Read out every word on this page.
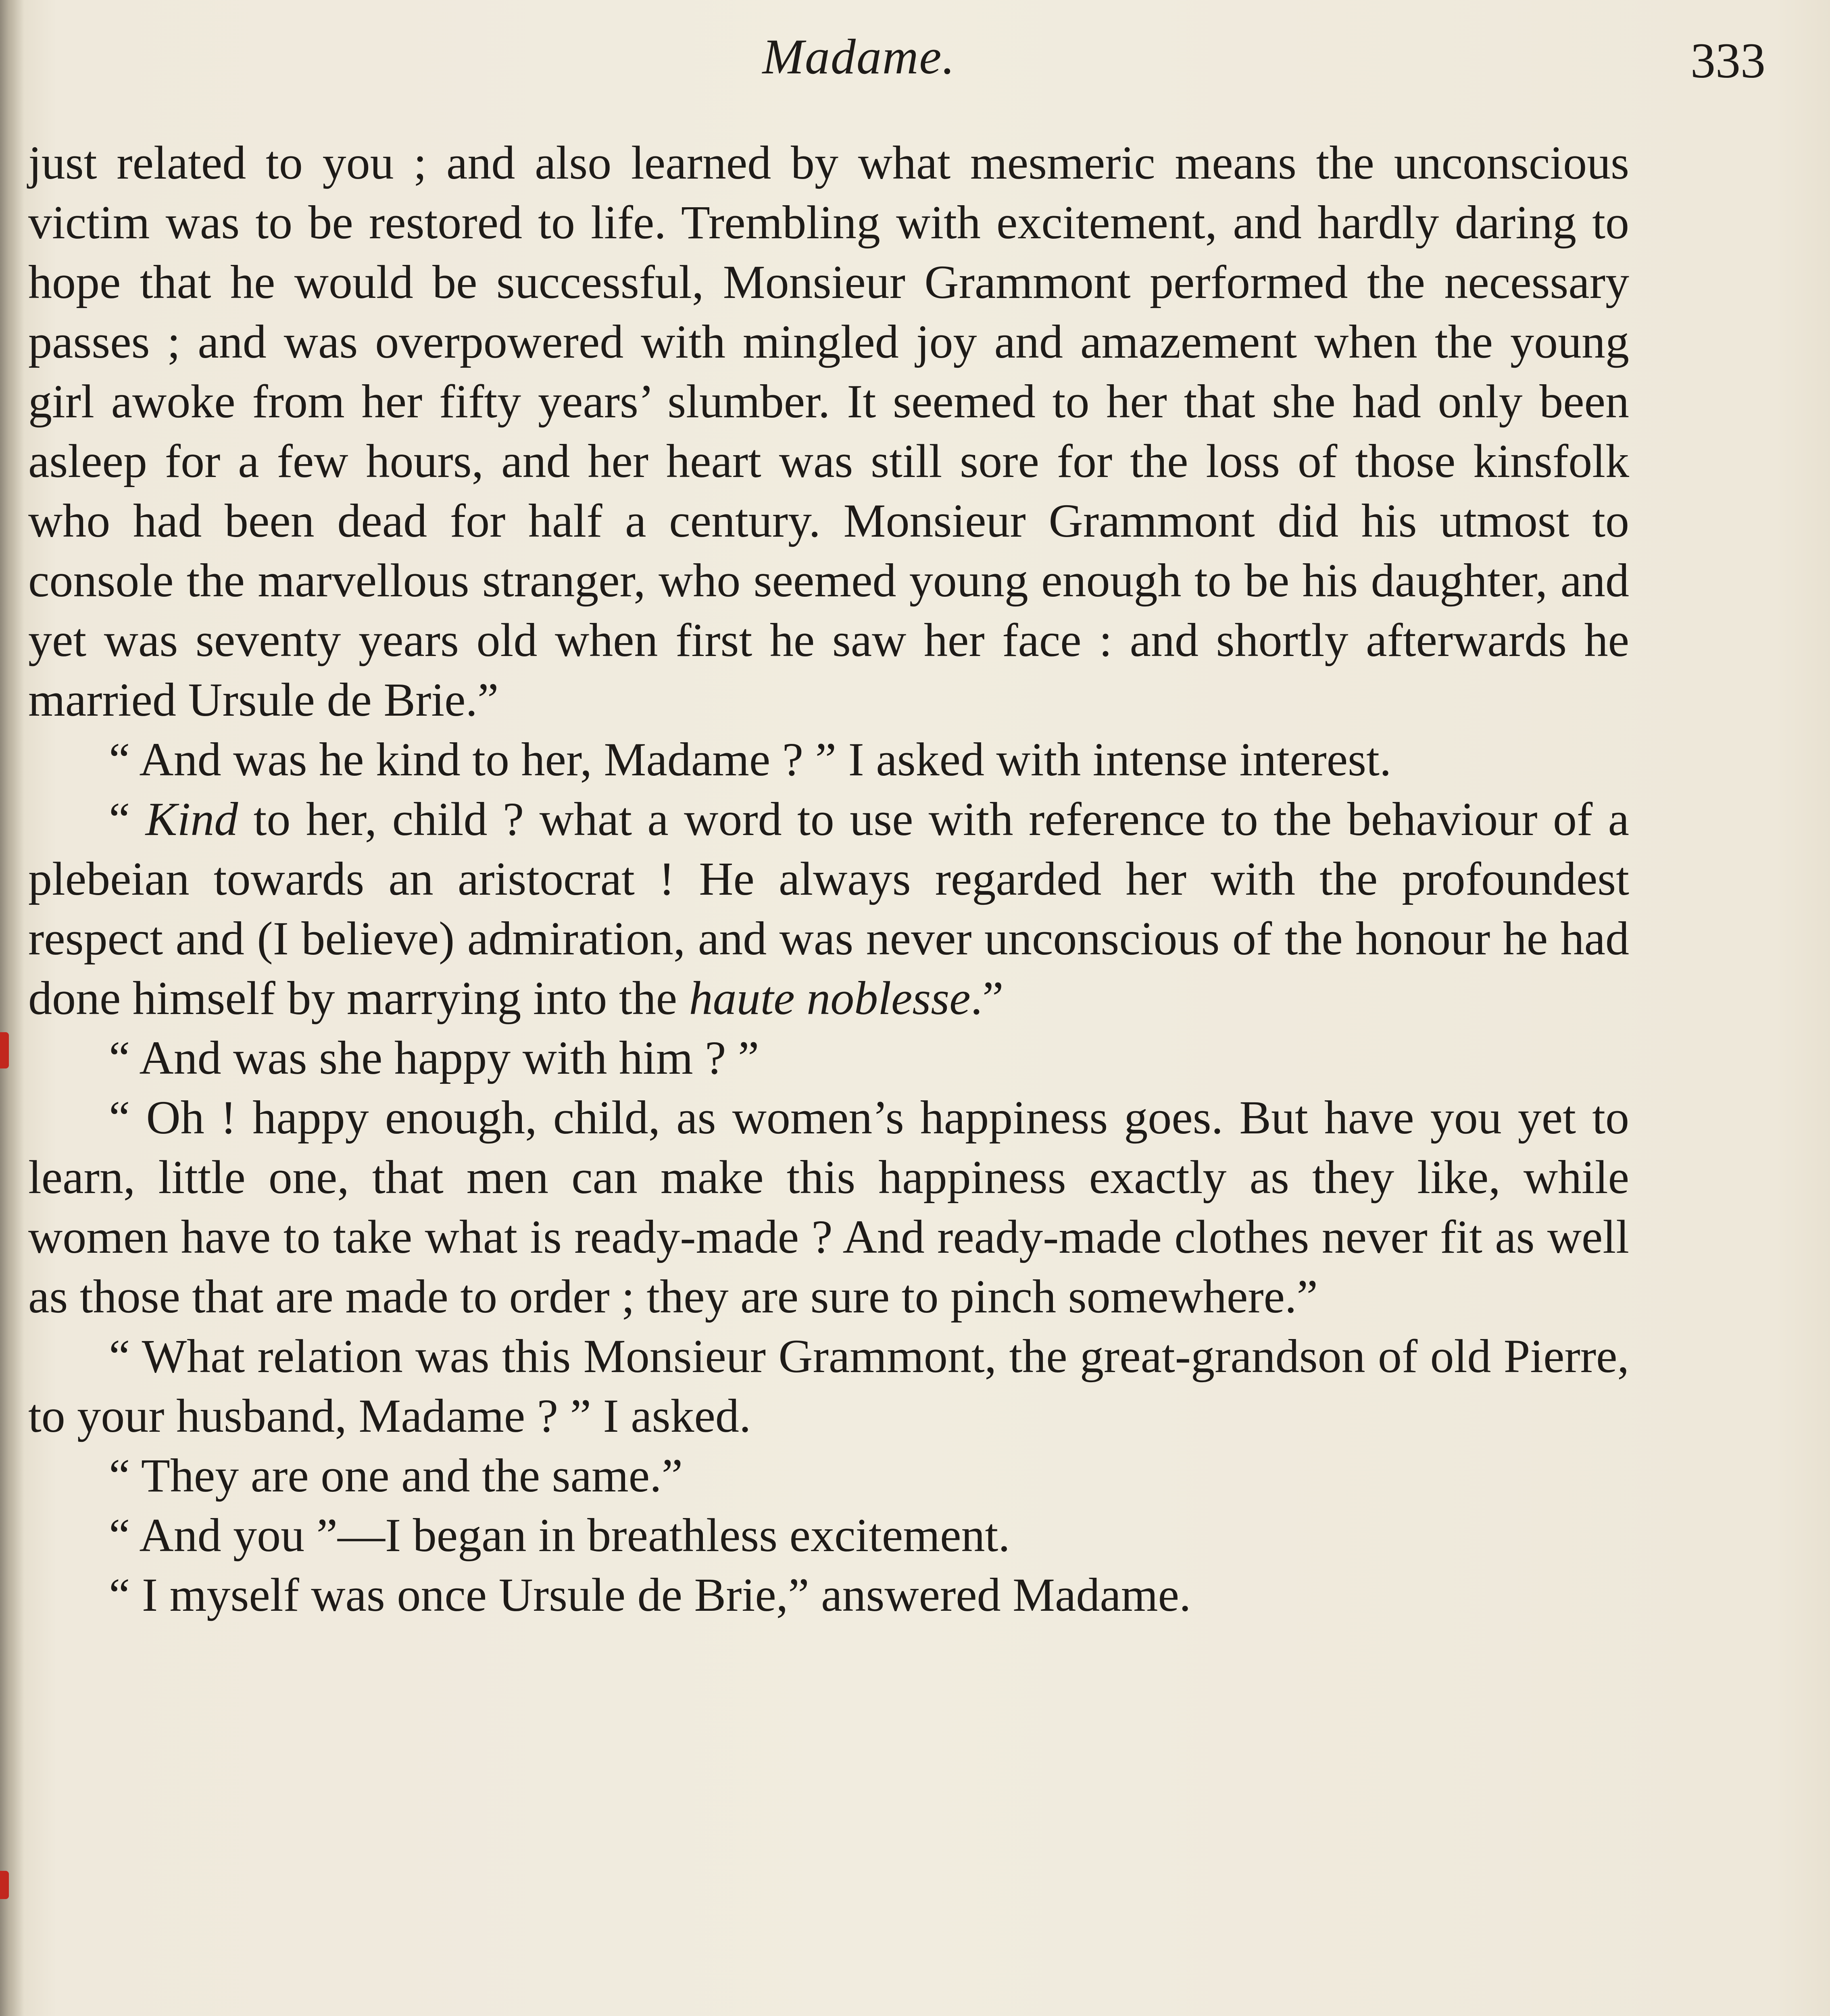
Madame.	333

just related to you ; and also learned by what mesmeric means the unconscious victim was to be restored to life. Trembling with excitement, and hardly daring to hope that he would be successful, Monsieur Grammont performed the necessary passes ; and was overpowered with mingled joy and amazement when the young girl awoke from her fifty years’ slumber. It seemed to her that she had only been asleep for a few hours, and her heart was still sore for the loss of those kinsfolk who had been dead for half a century. Monsieur Grammont did his utmost to console the marvellous stranger, who seemed young enough to be his daughter, and yet was seventy years old when first he saw her face : and shortly afterwards he married Ursule de Brie.”

“ And was he kind to her, Madame ? ” I asked with intense interest.

“ Kind to her, child ? what a word to use with reference to the behaviour of a plebeian towards an aristocrat ! He always regarded her with the profoundest respect and (I believe) admiration, and was never unconscious of the honour he had done himself by marrying into the haute noblesse.”

“ And was she happy with him ? ”

“ Oh ! happy enough, child, as women’s happiness goes. But have you yet to learn, little one, that men can make this happiness exactly as they like, while women have to take what is ready-made ? And ready-made clothes never fit as well as those that are made to order ; they are sure to pinch somewhere.”

“ What relation was this Monsieur Grammont, the great-grandson of old Pierre, to your husband, Madame ? ” I asked.

“ They are one and the same.”

“ And you ”—I began in breathless excitement.

“ I myself was once Ursule de Brie,” answered Madame.
